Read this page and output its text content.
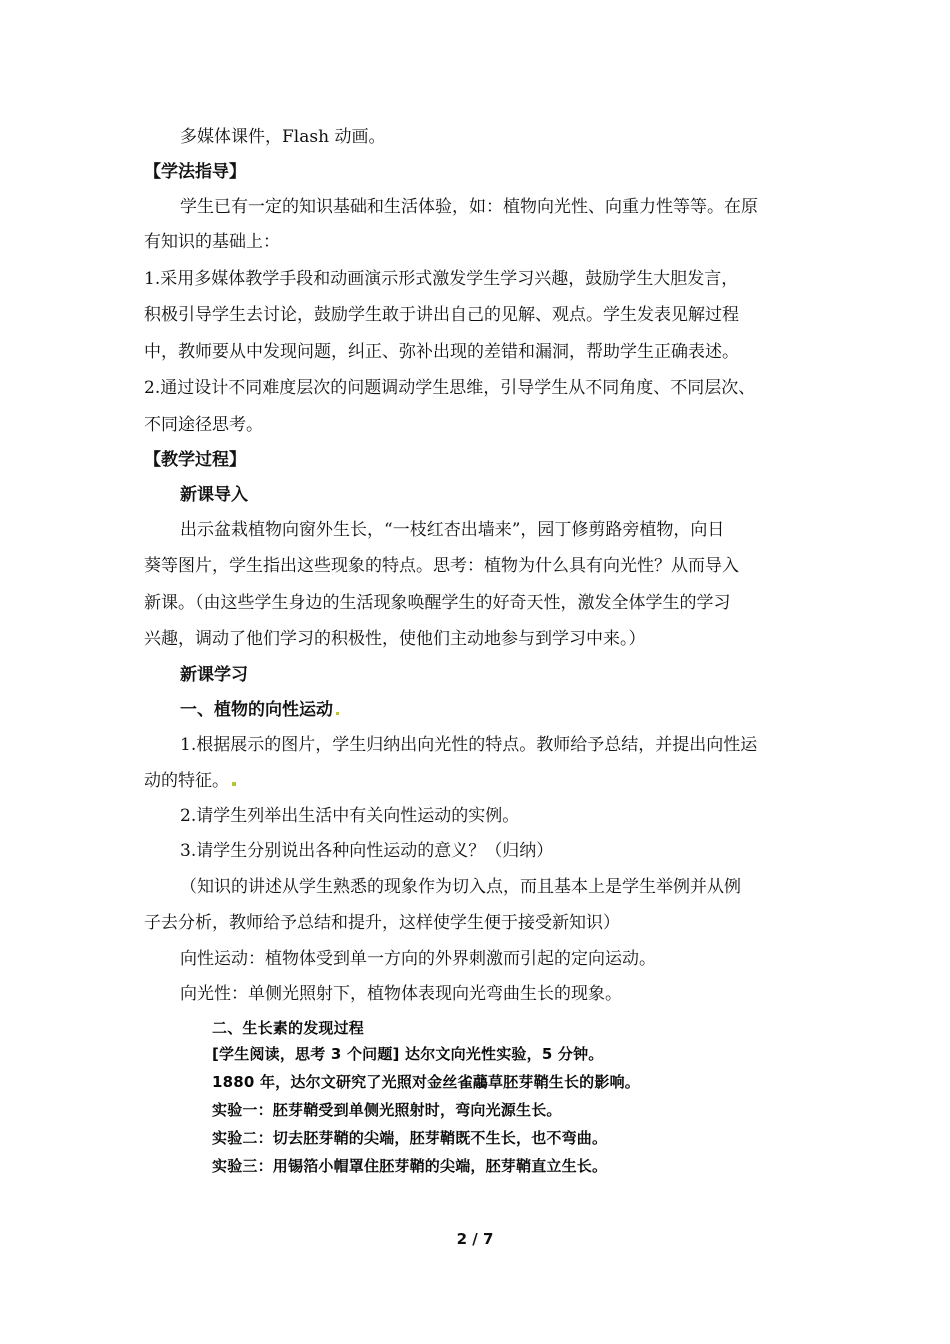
多媒体课件，Flash 动画。
【学法指导】
学生已有一定的知识基础和生活体验，如：植物向光性、向重力性等等。在原
有知识的基础上：
1.采用多媒体教学手段和动画演示形式激发学生学习兴趣，鼓励学生大胆发言，
积极引导学生去讨论，鼓励学生敢于讲出自己的见解、观点。学生发表见解过程
中，教师要从中发现问题，纠正、弥补出现的差错和漏洞，帮助学生正确表述。
2.通过设计不同难度层次的问题调动学生思维，引导学生从不同角度、不同层次、
不同途径思考。
【教学过程】
新课导入
出示盆栽植物向窗外生长，“一枝红杏出墙来”，园丁修剪路旁植物，向日
葵等图片，学生指出这些现象的特点。思考：植物为什么具有向光性？从而导入
新课。（由这些学生身边的生活现象唤醒学生的好奇天性，激发全体学生的学习
兴趣，调动了他们学习的积极性，使他们主动地参与到学习中来。）
新课学习
一、植物的向性运动
1.根据展示的图片，学生归纳出向光性的特点。教师给予总结，并提出向性运
动的特征。
2.请学生列举出生活中有关向性运动的实例。
3.请学生分别说出各种向性运动的意义？（归纳）
（知识的讲述从学生熟悉的现象作为切入点，而且基本上是学生举例并从例
子去分析，教师给予总结和提升，这样使学生便于接受新知识）
向性运动：植物体受到单一方向的外界刺激而引起的定向运动。
向光性：单侧光照射下，植物体表现向光弯曲生长的现象。
二、生长素的发现过程
[学生阅读，思考 3 个问题] 达尔文向光性实验，5 分钟。
1880 年，达尔文研究了光照对金丝雀虉草胚芽鞘生长的影响。
实验一：胚芽鞘受到单侧光照射时，弯向光源生长。
实验二：切去胚芽鞘的尖端，胚芽鞘既不生长，也不弯曲。
实验三：用锡箔小帽罩住胚芽鞘的尖端，胚芽鞘直立生长。
2 / 7
